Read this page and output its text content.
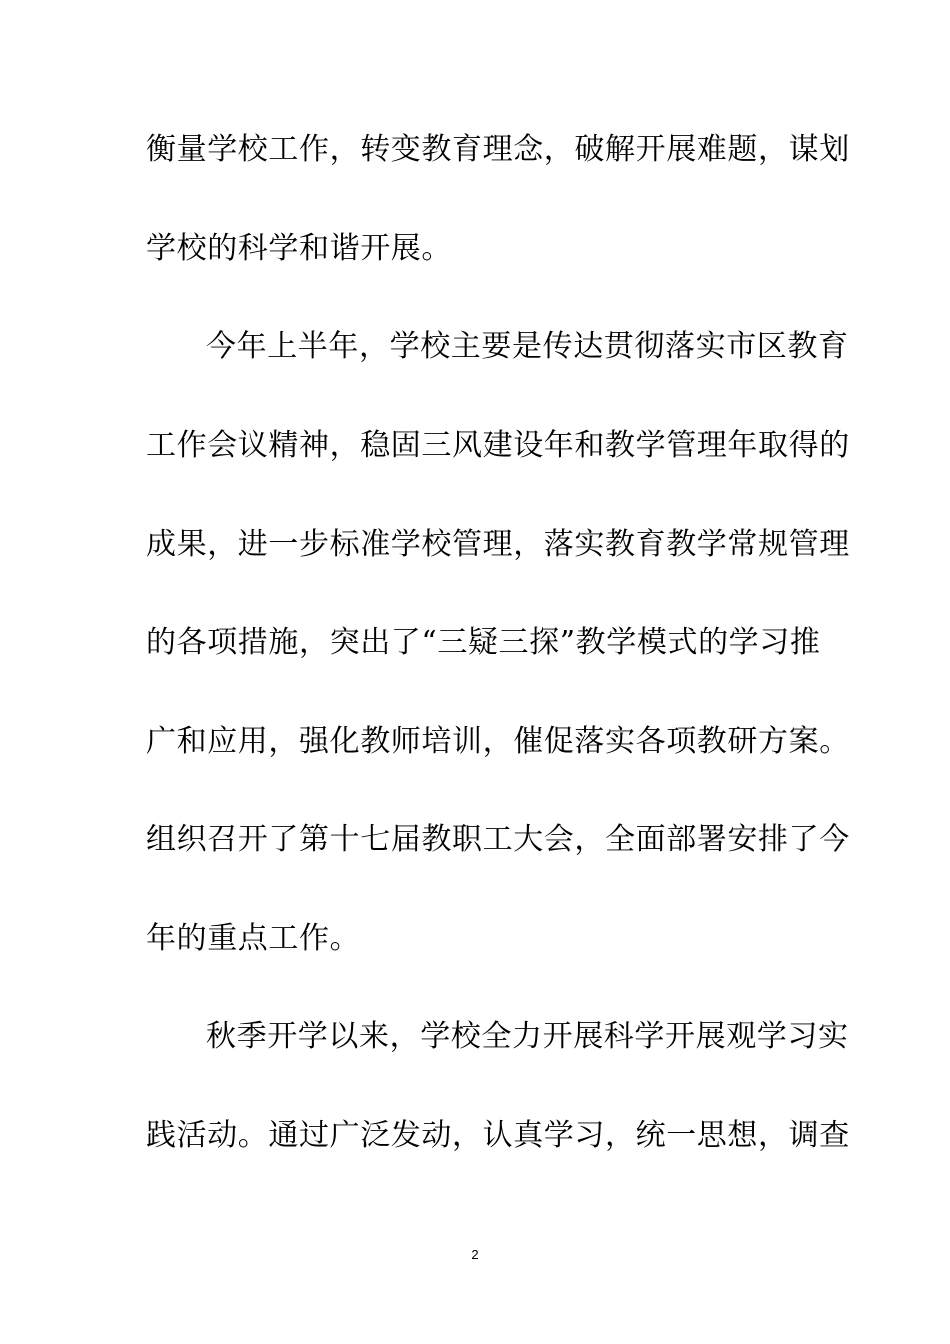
衡量学校工作，转变教育理念，破解开展难题，谋划
学校的科学和谐开展。
今年上半年，学校主要是传达贯彻落实市区教育
工作会议精神，稳固三风建设年和教学管理年取得的
成果，进一步标准学校管理，落实教育教学常规管理
的各项措施，突出了“三疑三探”教学模式的学习推
广和应用，强化教师培训，催促落实各项教研方案。
组织召开了第十七届教职工大会，全面部署安排了今
年的重点工作。
秋季开学以来，学校全力开展科学开展观学习实
践活动。通过广泛发动，认真学习，统一思想，调查
2
